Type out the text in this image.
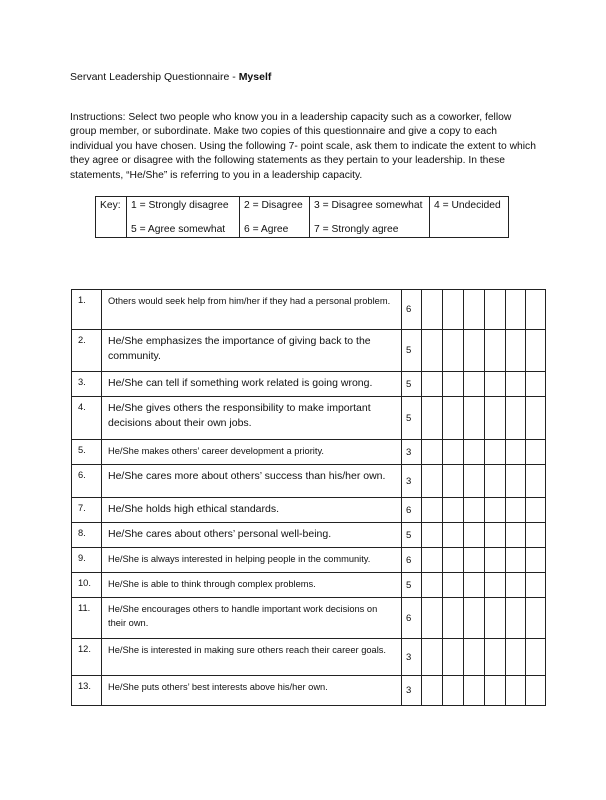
Servant Leadership Questionnaire - Myself
Instructions: Select two people who know you in a leadership capacity such as a coworker, fellow group member, or subordinate. Make two copies of this questionnaire and give a copy to each individual you have chosen. Using the following 7- point scale, ask them to indicate the extent to which they agree or disagree with the following statements as they pertain to your leadership. In these statements, “He/She” is referring to you in a leadership capacity.
Key:	1 = Strongly disagree
5 = Agree somewhat

2 = Disagree
6 = Agree

3 = Disagree somewhat
7 = Strongly agree

4 = Undecided
1.	Others would seek help from him/her if they had a personal problem.	6						
2.	He/She emphasizes the importance of giving back to the community.	5						
3.	He/She can tell if something work related is going wrong.	5						
4.	He/She gives others the responsibility to make important decisions about their own jobs.	5						
5.	He/She makes others’ career development a priority.	3						
6.	He/She cares more about others’ success than his/her own.	3						
7.	He/She holds high ethical standards.	6						
8.	He/She cares about others’ personal well-being.	5						
9.	He/She is always interested in helping people in the community.	6						
10.	He/She is able to think through complex problems.	5						
11.	He/She encourages others to handle important work decisions on their own.	6						
12.	He/She is interested in making sure others reach their career goals.	3						
13.	He/She puts others’ best interests above his/her own.	3						
